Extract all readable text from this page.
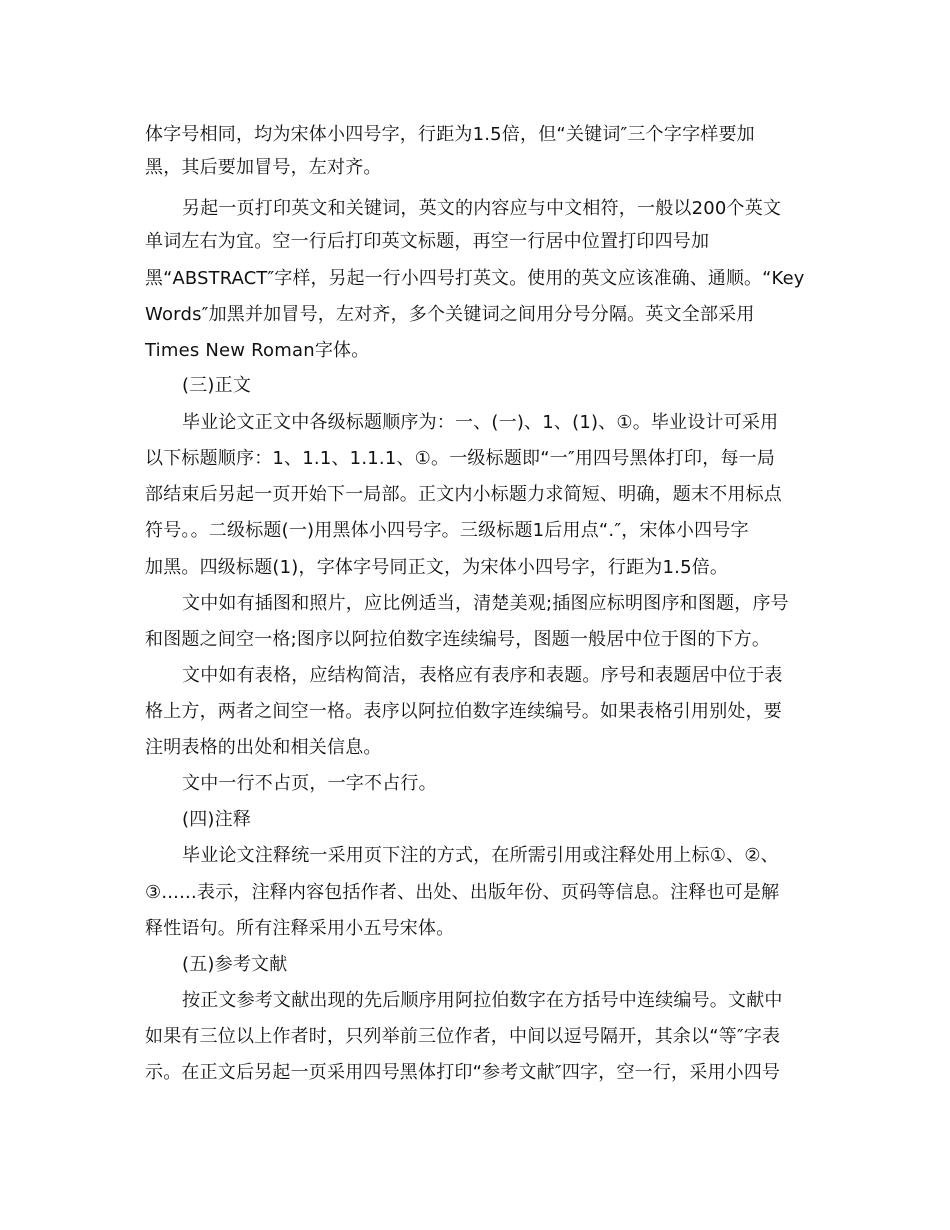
体字号相同，均为宋体小四号字，行距为1.5倍，但“关键词″三个字字样要加
黑，其后要加冒号，左对齐。
另起一页打印英文和关键词，英文的内容应与中文相符，一般以200个英文
单词左右为宜。空一行后打印英文标题，再空一行居中位置打印四号加
黑“ABSTRACT″字样，另起一行小四号打英文。使用的英文应该准确、通顺。“Key
Words″加黑并加冒号，左对齐，多个关键词之间用分号分隔。英文全部采用
Times New Roman字体。
(三)正文
毕业论文正文中各级标题顺序为：一、(一)、1、(1)、①。毕业设计可采用
以下标题顺序：1、1.1、1.1.1、①。一级标题即“一″用四号黑体打印，每一局
部结束后另起一页开始下一局部。正文内小标题力求简短、明确，题末不用标点
符号。。二级标题(一)用黑体小四号字。三级标题1后用点“.″，宋体小四号字
加黑。四级标题(1)，字体字号同正文，为宋体小四号字，行距为1.5倍。
文中如有插图和照片，应比例适当，清楚美观;插图应标明图序和图题，序号
和图题之间空一格;图序以阿拉伯数字连续编号，图题一般居中位于图的下方。
文中如有表格，应结构简洁，表格应有表序和表题。序号和表题居中位于表
格上方，两者之间空一格。表序以阿拉伯数字连续编号。如果表格引用别处，要
注明表格的出处和相关信息。
文中一行不占页，一字不占行。
(四)注释
毕业论文注释统一采用页下注的方式，在所需引用或注释处用上标①、②、
③......表示，注释内容包括作者、出处、出版年份、页码等信息。注释也可是解
释性语句。所有注释采用小五号宋体。
(五)参考文献
按正文参考文献出现的先后顺序用阿拉伯数字在方括号中连续编号。文献中
如果有三位以上作者时，只列举前三位作者，中间以逗号隔开，其余以“等″字表
示。在正文后另起一页采用四号黑体打印“参考文献″四字，空一行，采用小四号
